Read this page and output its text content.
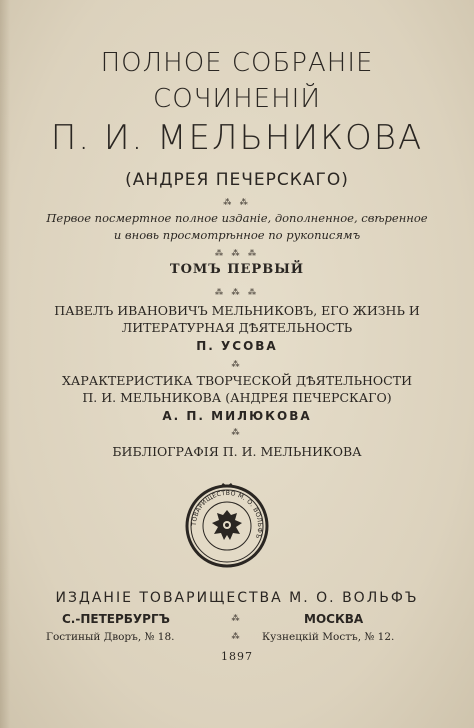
ПОЛНОЕ СОБРАНІЕ
СОЧИНЕНІЙ
П. И. МЕЛЬНИКОВА
(АНДРЕЯ ПЕЧЕРСКАГО)
⁂ ⁂
Первое посмертное полное изданіе, дополненное, свѣренное
и вновь просмотрѣнное по рукописямъ
⁂ ⁂ ⁂
ТОМЪ ПЕРВЫЙ
⁂ ⁂ ⁂
ПАВЕЛЪ ИВАНОВИЧЪ МЕЛЬНИКОВЪ, ЕГО ЖИЗНЬ И
ЛИТЕРАТУРНАЯ ДѢЯТЕЛЬНОСТЬ
П. УСОВА
⁂
ХАРАКТЕРИСТИКА ТВОРЧЕСКОЙ ДѢЯТЕЛЬНОСТИ
П. И. МЕЛЬНИКОВА (АНДРЕЯ ПЕЧЕРСКАГО)
А. П. МИЛЮКОВА
⁂
БИБЛІОГРАФІЯ П. И. МЕЛЬНИКОВА
ТОВАРИЩЕСТВО М. О. ВОЛЬФЪ
ИЗДАНІЕ ТОВАРИЩЕСТВА М. О. ВОЛЬФЪ
С.-ПЕТЕРБУРГЪ	МОСКВА
⁂
Гостиный Дворъ, № 18.	⁂	Кузнецкій Мостъ, № 12.
1897
